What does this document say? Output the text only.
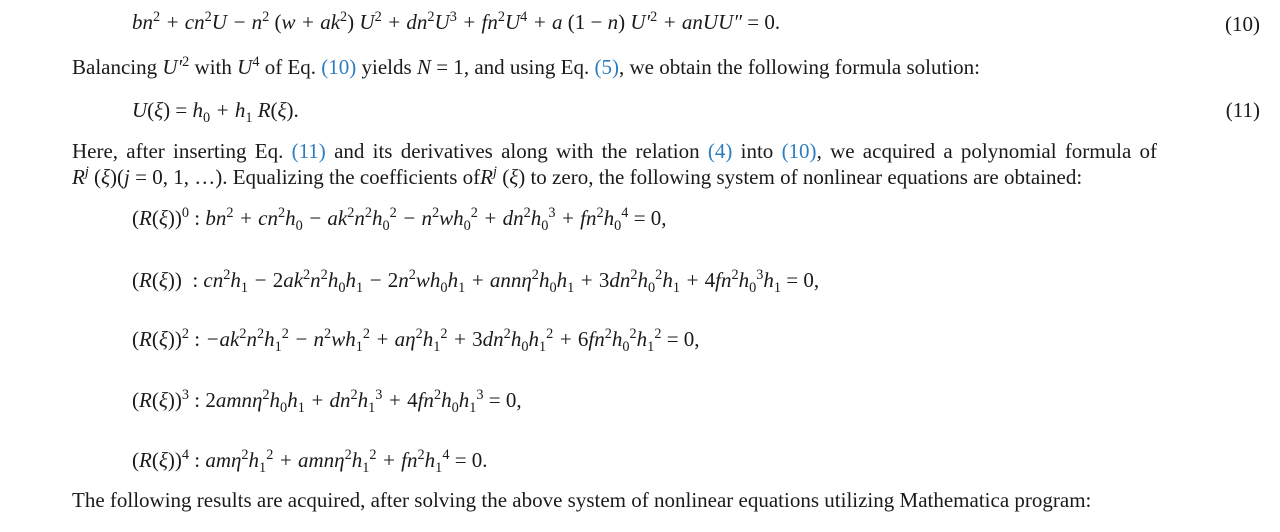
$bn^2 + cn^2U - n^2$ $(w + ak^2)$ $U^2 + dn^2U^3 + fn^2U^4 + a$ (1 − n) $U'^2$ + anUU″ = 0.	(10)
Balancing $U'^2$ with $U^4$ of Eq. (10) yields N = 1, and using Eq. (5), we obtain the following formula solution:
$U(\xi) = h_0 + h_1$ R(ξ).	(11)
Here, after inserting Eq. (11) and its derivatives along with the relation (4) into (10), we acquired a polynomial formula of
$R^j$ (ξ)(j = 0, 1, …). Equalizing the coefficients ofR$^j$ (ξ) to zero, the following system of nonlinear equations are obtained:
$(R(\xi))^0$ : $bn^2 + cn^2h_0 - ak^2n^2h_0^2 - n^2wh_0^2 + dn^2h_0^3 + fn^2h_0^4 = 0$,
(R(ξ)) : $cn^2h_1 - 2ak^2n^2h_0h_1 - 2n^2wh_0h_1 + ann\eta^2h_0h_1 + 3dn^2h_0^2h_1 + 4fn^2h_0^3h_1 = 0$,
$(R(\xi))^2$ : $-ak^2n^2h_1^2 - n^2wh_1^2 + a\eta^2h_1^2 + 3dn^2h_0h_1^2 + 6fn^2h_0^2h_1^2 = 0$,
$(R(\xi))^3$ : $2amn\eta^2h_0h_1 + dn^2h_1^3 + 4fn^2h_0h_1^3 = 0$,
$(R(\xi))^4$ : $am\eta^2h_1^2 + amn\eta^2h_1^2 + fn^2h_1^4 = 0$.
The following results are acquired, after solving the above system of nonlinear equations utilizing Mathematica program:
